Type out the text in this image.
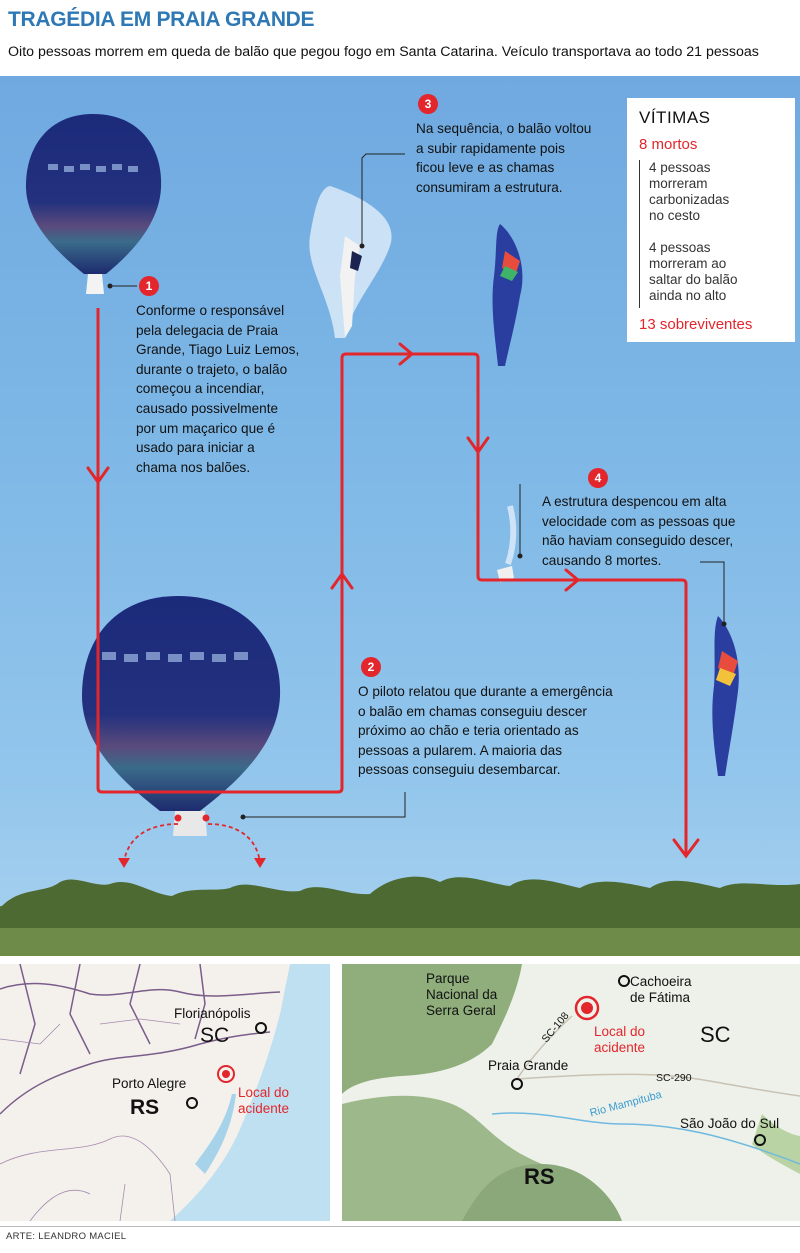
TRAGÉDIA EM PRAIA GRANDE
Oito pessoas morrem em queda de balão que pegou fogo em Santa Catarina. Veículo transportava ao todo 21 pessoas
1
Conforme o responsável
pela delegacia de Praia
Grande, Tiago Luiz Lemos,
durante o trajeto, o balão
começou a incendiar,
causado possivelmente
por um maçarico que é
usado para iniciar a
chama nos balões.
2
O piloto relatou que durante a emergência
o balão em chamas conseguiu descer
próximo ao chão e teria orientado as
pessoas a pularem. A maioria das
pessoas conseguiu desembarcar.
3
Na sequência, o balão voltou
a subir rapidamente pois
ficou leve e as chamas
consumiram a estrutura.
4
A estrutura despencou em alta
velocidade com as pessoas que
não haviam conseguido descer,
causando 8 mortes.
VÍTIMAS
8 mortos
4 pessoas
morreram
carbonizadas
no cesto
4 pessoas
morreram ao
saltar do balão
ainda no alto
13 sobreviventes
Florianópolis
SC
Porto Alegre
RS
Local do
acidente
Parque
Nacional da
Serra Geral
Cachoeira
de Fátima
Local do
acidente
SC
RS
Praia Grande
SC-108
SC-290
Rio Mampituba
São João do Sul
ARTE: LEANDRO MACIEL
